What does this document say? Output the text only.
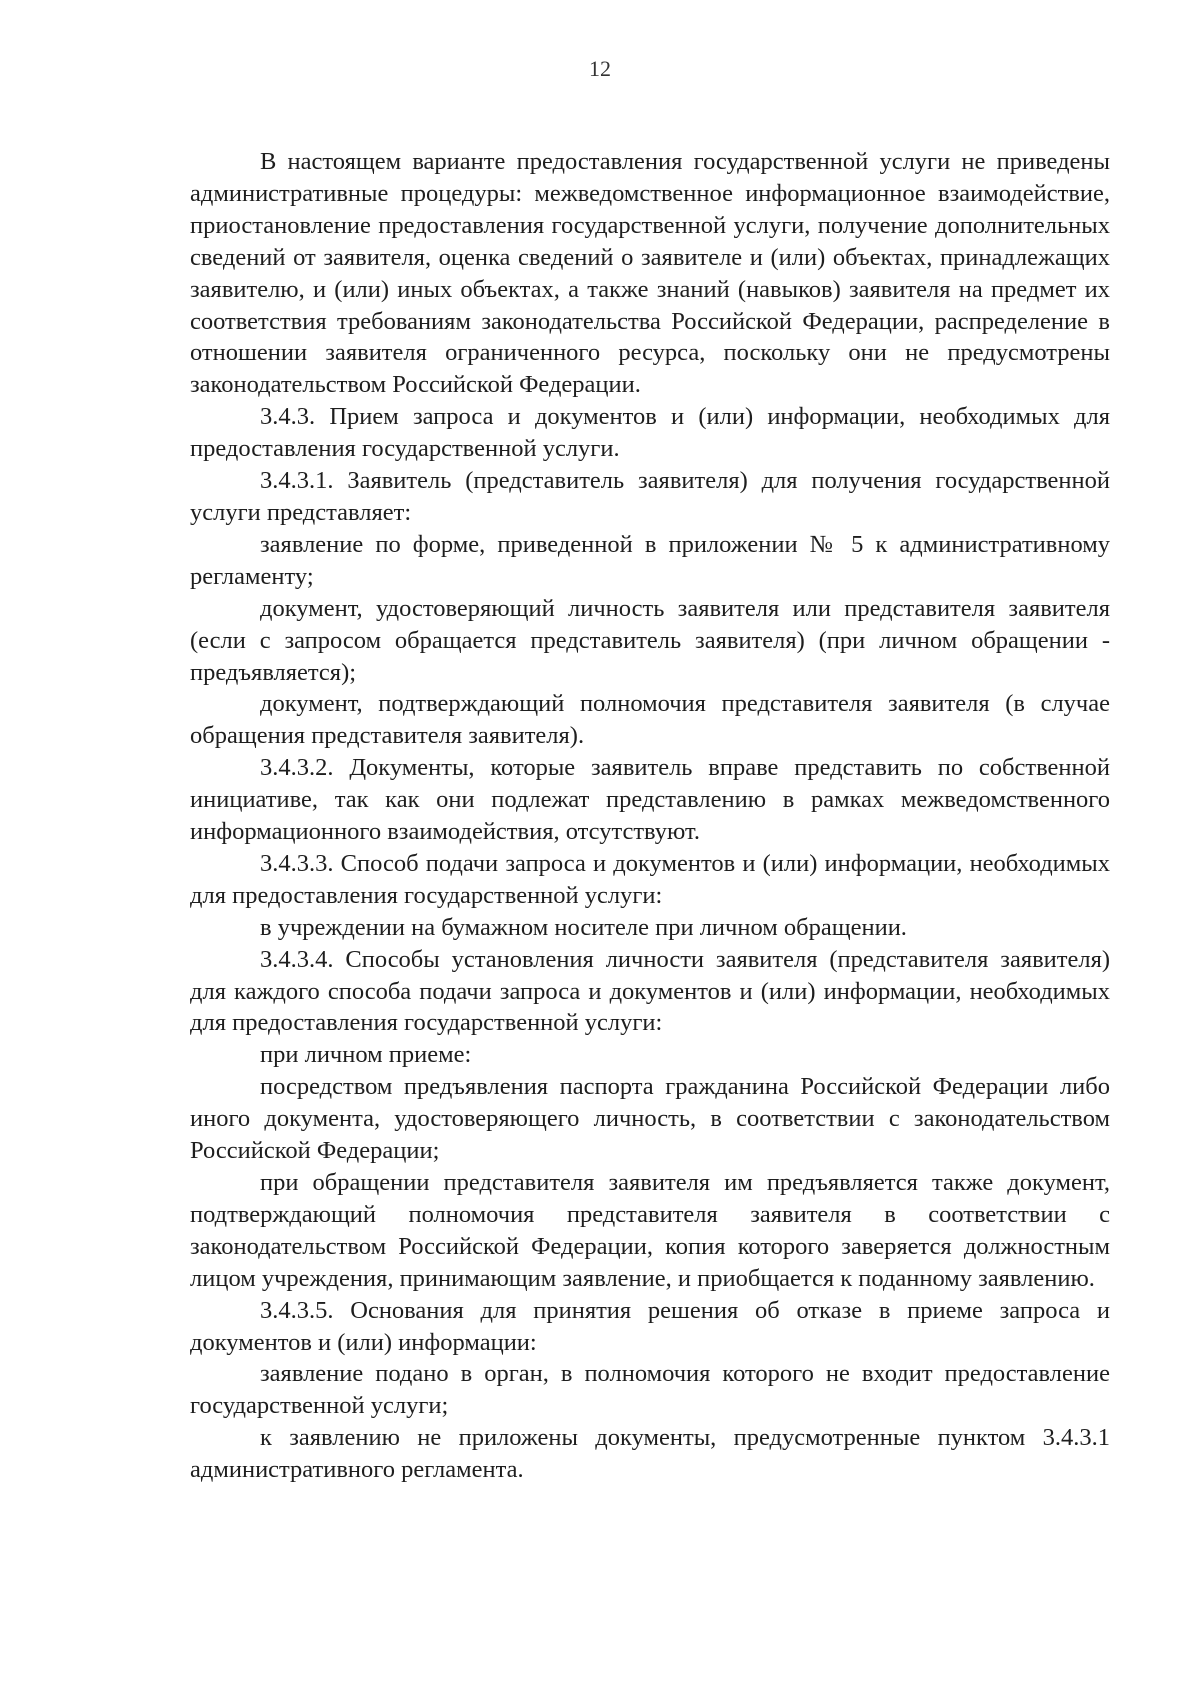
12

В настоящем варианте предоставления государственной услуги не приведены административные процедуры: межведомственное информационное взаимодействие, приостановление предоставления государственной услуги, получение дополнительных сведений от заявителя, оценка сведений о заявителе и (или) объектах, принадлежащих заявителю, и (или) иных объектах, а также знаний (навыков) заявителя на предмет их соответствия требованиям законодательства Российской Федерации, распределение в отношении заявителя ограниченного ресурса, поскольку они не предусмотрены законодательством Российской Федерации.

3.4.3. Прием запроса и документов и (или) информации, необходимых для предоставления государственной услуги.

3.4.3.1. Заявитель (представитель заявителя) для получения государственной услуги представляет:

заявление по форме, приведенной в приложении № 5 к административному регламенту;

документ, удостоверяющий личность заявителя или представителя заявителя (если с запросом обращается представитель заявителя) (при личном обращении - предъявляется);

документ, подтверждающий полномочия представителя заявителя (в случае обращения представителя заявителя).

3.4.3.2. Документы, которые заявитель вправе представить по собственной инициативе, так как они подлежат представлению в рамках межведомственного информационного взаимодействия, отсутствуют.

3.4.3.3. Способ подачи запроса и документов и (или) информации, необходимых для предоставления государственной услуги:

в учреждении на бумажном носителе при личном обращении.

3.4.3.4. Способы установления личности заявителя (представителя заявителя) для каждого способа подачи запроса и документов и (или) информации, необходимых для предоставления государственной услуги:

при личном приеме:

посредством предъявления паспорта гражданина Российской Федерации либо иного документа, удостоверяющего личность, в соответствии с законодательством Российской Федерации;

при обращении представителя заявителя им предъявляется также документ, подтверждающий полномочия представителя заявителя в соответствии с законодательством Российской Федерации, копия которого заверяется должностным лицом учреждения, принимающим заявление, и приобщается к поданному заявлению.

3.4.3.5. Основания для принятия решения об отказе в приеме запроса и документов и (или) информации:

заявление подано в орган, в полномочия которого не входит предоставление государственной услуги;

к заявлению не приложены документы, предусмотренные пунктом 3.4.3.1 административного регламента.
